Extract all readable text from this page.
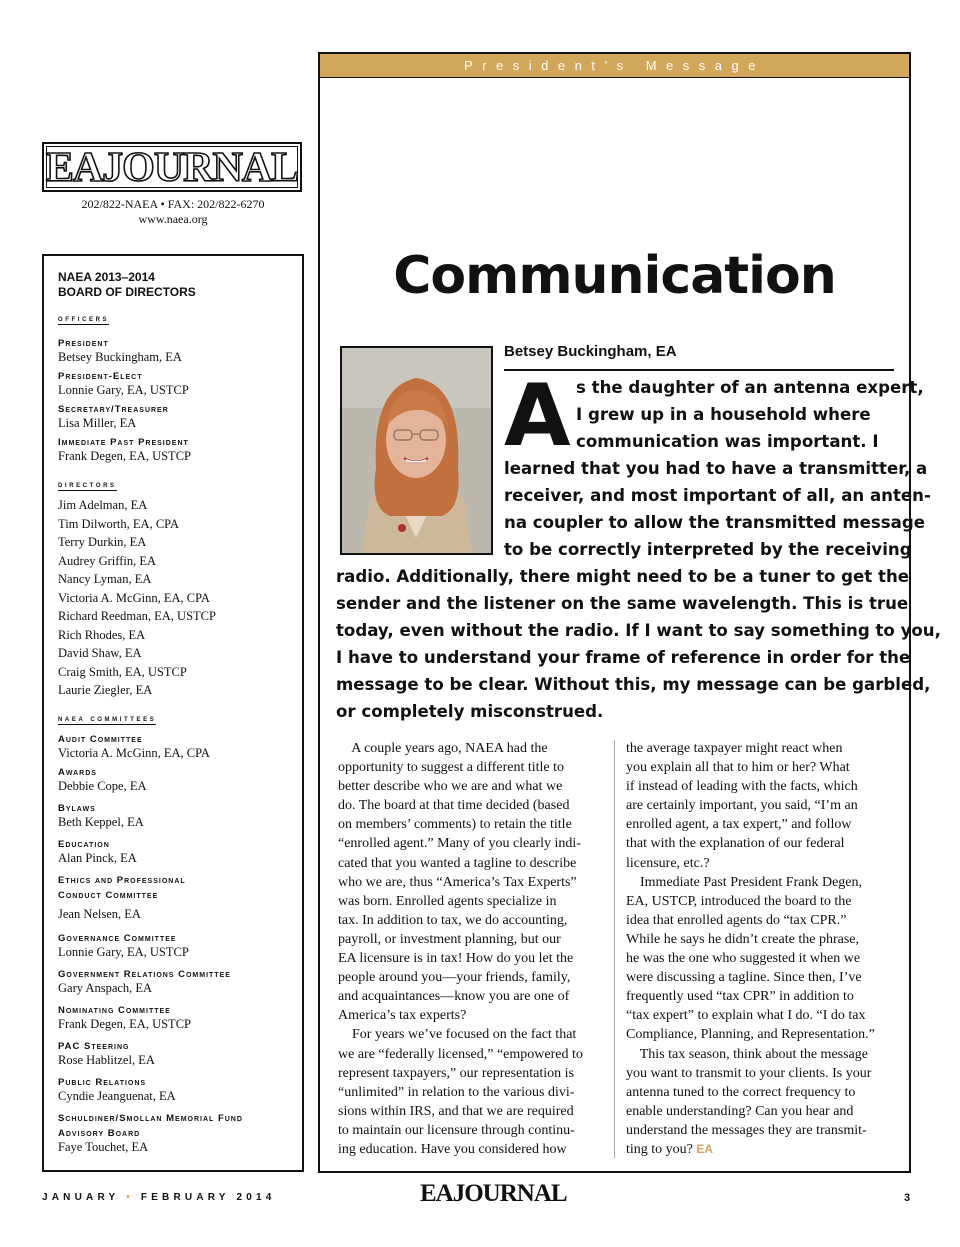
EAJOURNAL
202/822-NAEA • FAX: 202/822-6270
www.naea.org
NAEA 2013–2014
BOARD OF DIRECTORS
officers
President
Betsey Buckingham, EA
President-Elect
Lonnie Gary, EA, USTCP
Secretary/Treasurer
Lisa Miller, EA
Immediate Past President
Frank Degen, EA, USTCP
directors
Jim Adelman, EA
Tim Dilworth, EA, CPA
Terry Durkin, EA
Audrey Griffin, EA
Nancy Lyman, EA
Victoria A. McGinn, EA, CPA
Richard Reedman, EA, USTCP
Rich Rhodes, EA
David Shaw, EA
Craig Smith, EA, USTCP
Laurie Ziegler, EA
naea committees
Audit Committee
Victoria A. McGinn, EA, CPA
Awards
Debbie Cope, EA
Bylaws
Beth Keppel, EA
Education
Alan Pinck, EA
Ethics and Professional
Conduct Committee
Jean Nelsen, EA
Governance Committee
Lonnie Gary, EA, USTCP
Government Relations Committee
Gary Anspach, EA
Nominating Committee
Frank Degen, EA, USTCP
PAC Steering
Rose Hablitzel, EA
Public Relations
Cyndie Jeanguenat, EA
Schuldiner/Smollan Memorial Fund
Advisory Board
Faye Touchet, EA
President’s Message
Communication
Betsey Buckingham, EA
A s the daughter of an antenna expert,
I grew up in a household where
communication was important. I
learned that you had to have a transmitter, a
receiver, and most important of all, an anten-
na coupler to allow the transmitted message
to be correctly interpreted by the receiving
radio. Additionally, there might need to be a tuner to get the
sender and the listener on the same wavelength. This is true
today, even without the radio. If I want to say something to you,
I have to understand your frame of reference in order for the
message to be clear. Without this, my message can be garbled,
or completely misconstrued.
A couple years ago, NAEA had the
opportunity to suggest a different title to
better describe who we are and what we
do. The board at that time decided (based
on members’ comments) to retain the title
“enrolled agent.” Many of you clearly indi-
cated that you wanted a tagline to describe
who we are, thus “America’s Tax Experts”
was born. Enrolled agents specialize in
tax. In addition to tax, we do accounting,
payroll, or investment planning, but our
EA licensure is in tax! How do you let the
people around you—your friends, family,
and acquaintances—know you are one of
America’s tax experts?
For years we’ve focused on the fact that
we are “federally licensed,” “empowered to
represent taxpayers,” our representation is
“unlimited” in relation to the various divi-
sions within IRS, and that we are required
to maintain our licensure through continu-
ing education. Have you considered how
the average taxpayer might react when
you explain all that to him or her? What
if instead of leading with the facts, which
are certainly important, you said, “I’m an
enrolled agent, a tax expert,” and follow
that with the explanation of our federal
licensure, etc.?
Immediate Past President Frank Degen,
EA, USTCP, introduced the board to the
idea that enrolled agents do “tax CPR.”
While he says he didn’t create the phrase,
he was the one who suggested it when we
were discussing a tagline. Since then, I’ve
frequently used “tax CPR” in addition to
“tax expert” to explain what I do. “I do tax
Compliance, Planning, and Representation.”
This tax season, think about the message
you want to transmit to your clients. Is your
antenna tuned to the correct frequency to
enable understanding? Can you hear and
understand the messages they are transmit-
ting to you? EA
JANUARY • FEBRUARY 2014	EAJOURNAL	3
